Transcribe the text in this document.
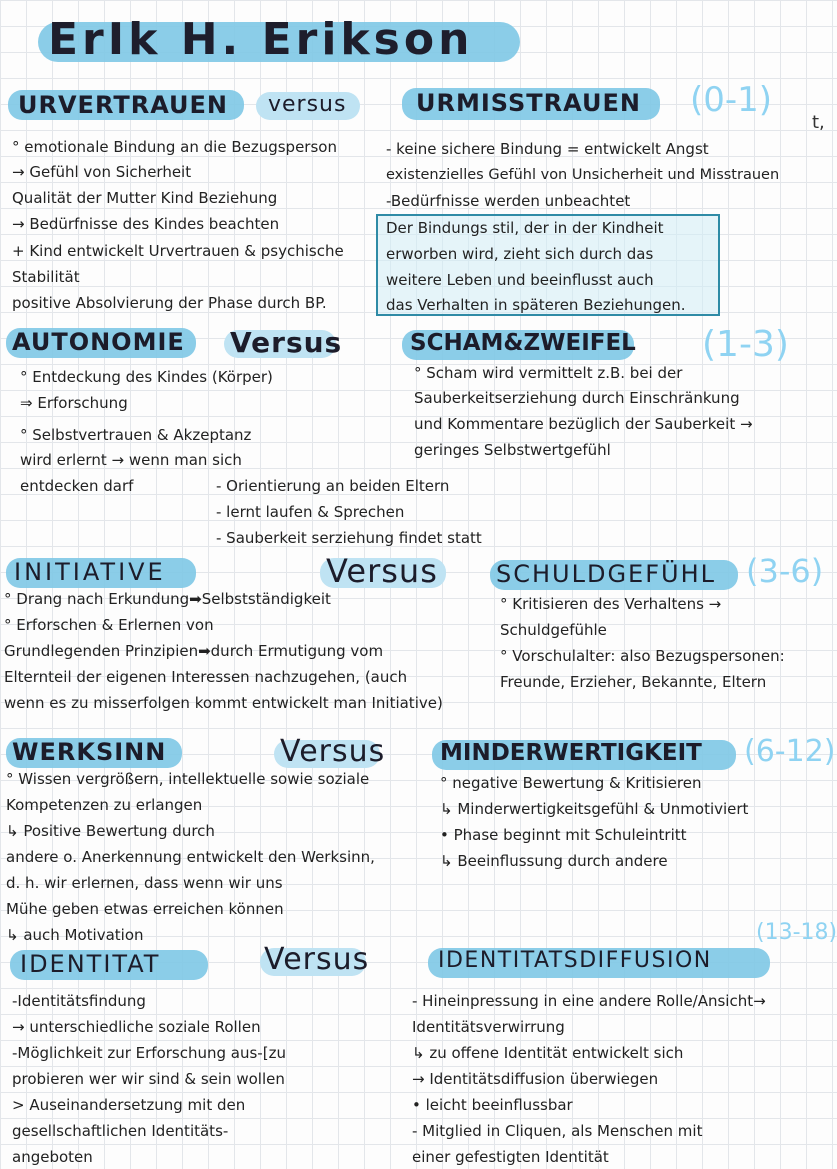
ErIk H. Erikson
t,
URVERTRAUEN versus	URMISSTRAUEN (0-1)
° emotionale Bindung an die Bezugsperson
→ Gefühl von Sicherheit
Qualität der Mutter Kind Beziehung
→ Bedürfnisse des Kindes beachten
+ Kind entwickelt Urvertrauen & psychische
Stabilität
positive Absolvierung der Phase durch BP.
- keine sichere Bindung = entwickelt Angst
existenzielles Gefühl von Unsicherheit und Misstrauen
-Bedürfnisse werden unbeachtet
Der Bindungs stil, der in der Kindheit
erworben wird, zieht sich durch das
weitere Leben und beeinflusst auch
das Verhalten in späteren Beziehungen.
AUTONOMIE Versus	SCHAM&ZWEIFEL (1-3)
° Entdeckung des Kindes (Körper)
⇒ Erforschung
° Selbstvertrauen & Akzeptanz
wird erlernt → wenn man sich
entdecken darf
° Scham wird vermittelt z.B. bei der
Sauberkeitserziehung durch Einschränkung
und Kommentare bezüglich der Sauberkeit →
geringes Selbstwertgefühl
- Orientierung an beiden Eltern
- lernt laufen & Sprechen
- Sauberkeit serziehung findet statt
INITIATIVE	Versus SCHULDGEFÜHL (3-6)
° Drang nach Erkundung➡Selbstständigkeit
° Erforschen & Erlernen von
Grundlegenden Prinzipien➡durch Ermutigung vom
Elternteil der eigenen Interessen nachzugehen, (auch
wenn es zu misserfolgen kommt entwickelt man Initiative)
° Kritisieren des Verhaltens →
Schuldgefühle
° Vorschulalter: also Bezugspersonen:
Freunde, Erzieher, Bekannte, Eltern
WERKSINN	Versus MINDERWERTIGKEIT (6-12)
° Wissen vergrößern, intellektuelle sowie soziale
Kompetenzen zu erlangen
↳ Positive Bewertung durch
andere o. Anerkennung entwickelt den Werksinn,
d. h. wir erlernen, dass wenn wir uns
Mühe geben etwas erreichen können
↳ auch Motivation
° negative Bewertung & Kritisieren
↳ Minderwertigkeitsgefühl & Unmotiviert
• Phase beginnt mit Schuleintritt
↳ Beeinflussung durch andere
IDENTITAT	Versus	IDENTITATSDIFFUSION
(13-18)
-Identitätsfindung
→ unterschiedliche soziale Rollen
-Möglichkeit zur Erforschung aus-[zu
probieren wer wir sind & sein wollen
> Auseinandersetzung mit den
gesellschaftlichen Identitäts-
angeboten
- Hineinpressung in eine andere Rolle/Ansicht→
Identitätsverwirrung
↳ zu offene Identität entwickelt sich
→ Identitätsdiffusion überwiegen
• leicht beeinflussbar
- Mitglied in Cliquen, als Menschen mit
einer gefestigten Identität
